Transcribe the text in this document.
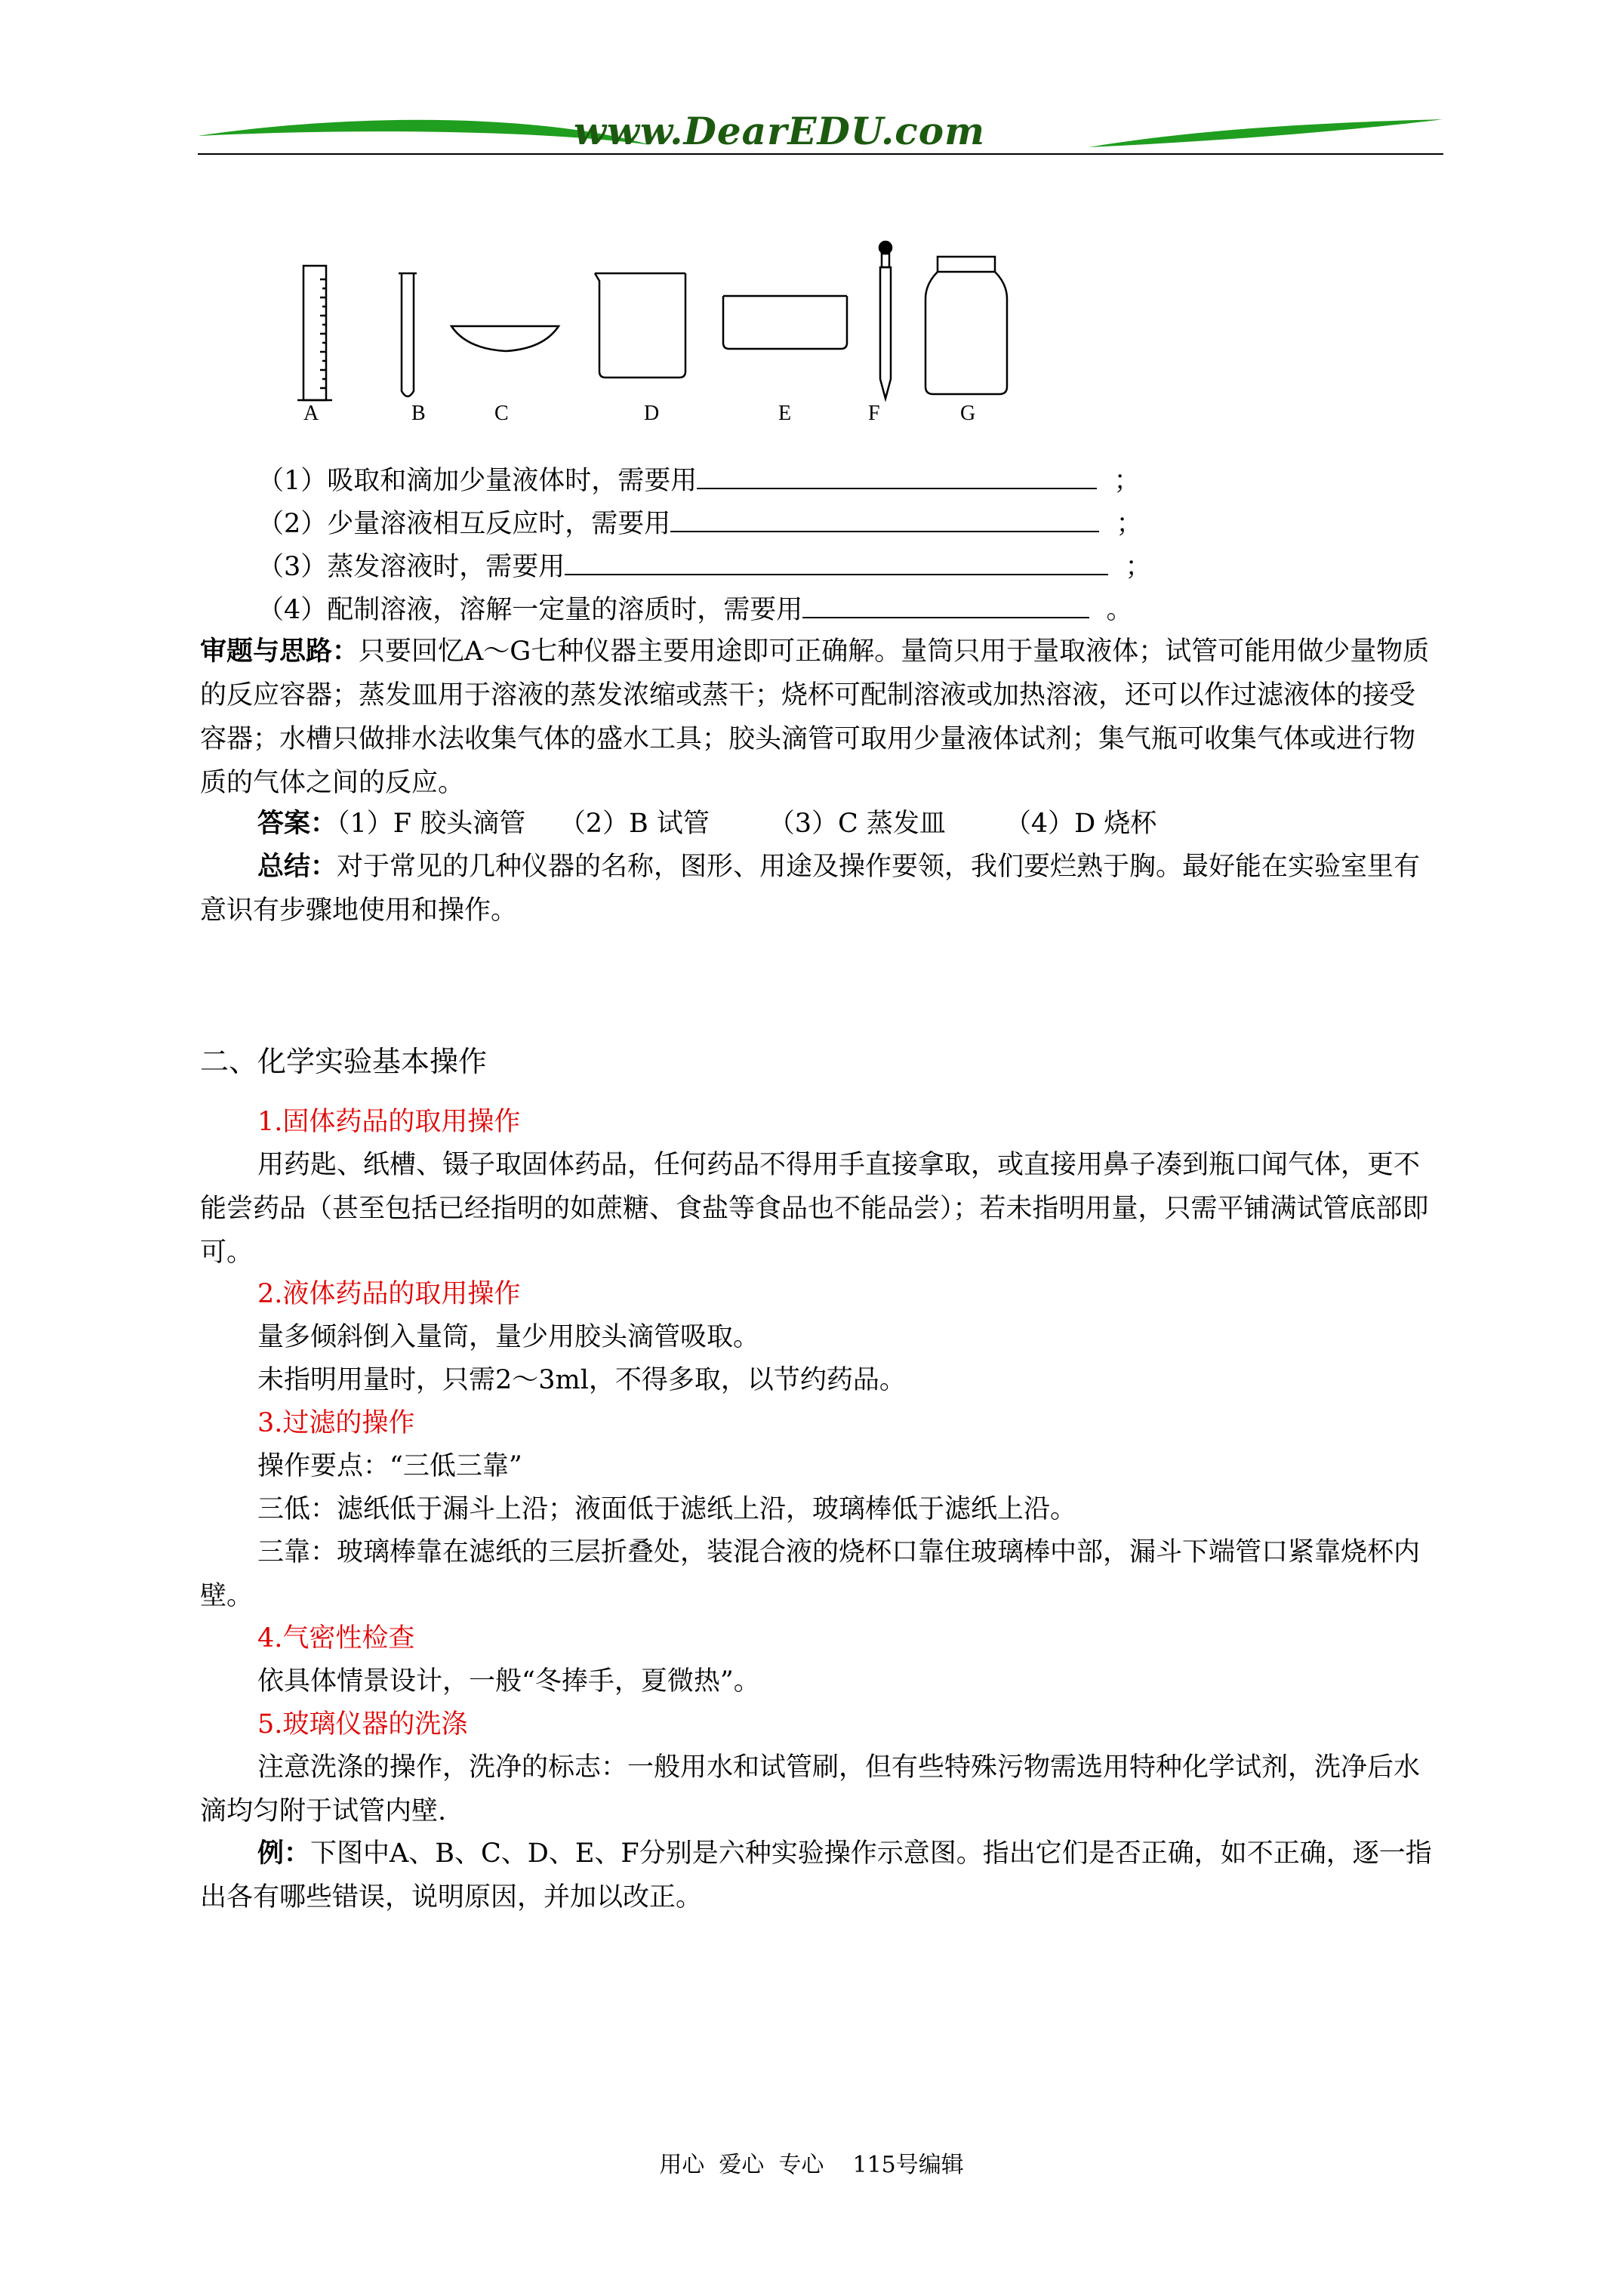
www.DearEDU.com
A	B	C	D	E	F	G
（1）吸取和滴加少量液体时，需要用	；
（2）少量溶液相互反应时，需要用	；
（3）蒸发溶液时，需要用	；
（4）配制溶液，溶解一定量的溶质时，需要用	。
审题与思路：只要回忆A～G七种仪器主要用途即可正确解。量筒只用于量取液体；试管可能用做少量物质的反应容器；蒸发皿用于溶液的蒸发浓缩或蒸干；烧杯可配制溶液或加热溶液，还可以作过滤液体的接受容器；水槽只做排水法收集气体的盛水工具；胶头滴管可取用少量液体试剂；集气瓶可收集气体或进行物质的气体之间的反应。
答案：（1）F 胶头滴管 （2）B 试管 （3）C 蒸发皿 （4）D 烧杯
总结：对于常见的几种仪器的名称，图形、用途及操作要领，我们要烂熟于胸。最好能在实验室里有意识有步骤地使用和操作。
二、化学实验基本操作
1.固体药品的取用操作
用药匙、纸槽、镊子取固体药品，任何药品不得用手直接拿取，或直接用鼻子凑到瓶口闻气体，更不能尝药品（甚至包括已经指明的如蔗糖、食盐等食品也不能品尝）；若未指明用量，只需平铺满试管底部即可。
2.液体药品的取用操作
量多倾斜倒入量筒，量少用胶头滴管吸取。
未指明用量时，只需2～3ml，不得多取，以节约药品。
3.过滤的操作
操作要点：“三低三靠”
三低：滤纸低于漏斗上沿；液面低于滤纸上沿，玻璃棒低于滤纸上沿。
三靠：玻璃棒靠在滤纸的三层折叠处，装混合液的烧杯口靠住玻璃棒中部，漏斗下端管口紧靠烧杯内壁。
4.气密性检查
依具体情景设计，一般“冬捧手，夏微热”。
5.玻璃仪器的洗涤
注意洗涤的操作，洗净的标志：一般用水和试管刷，但有些特殊污物需选用特种化学试剂，洗净后水滴均匀附于试管内壁.
例：下图中A、B、C、D、E、F分别是六种实验操作示意图。指出它们是否正确，如不正确，逐一指出各有哪些错误，说明原因，并加以改正。
用心  爱心  专心    115号编辑
